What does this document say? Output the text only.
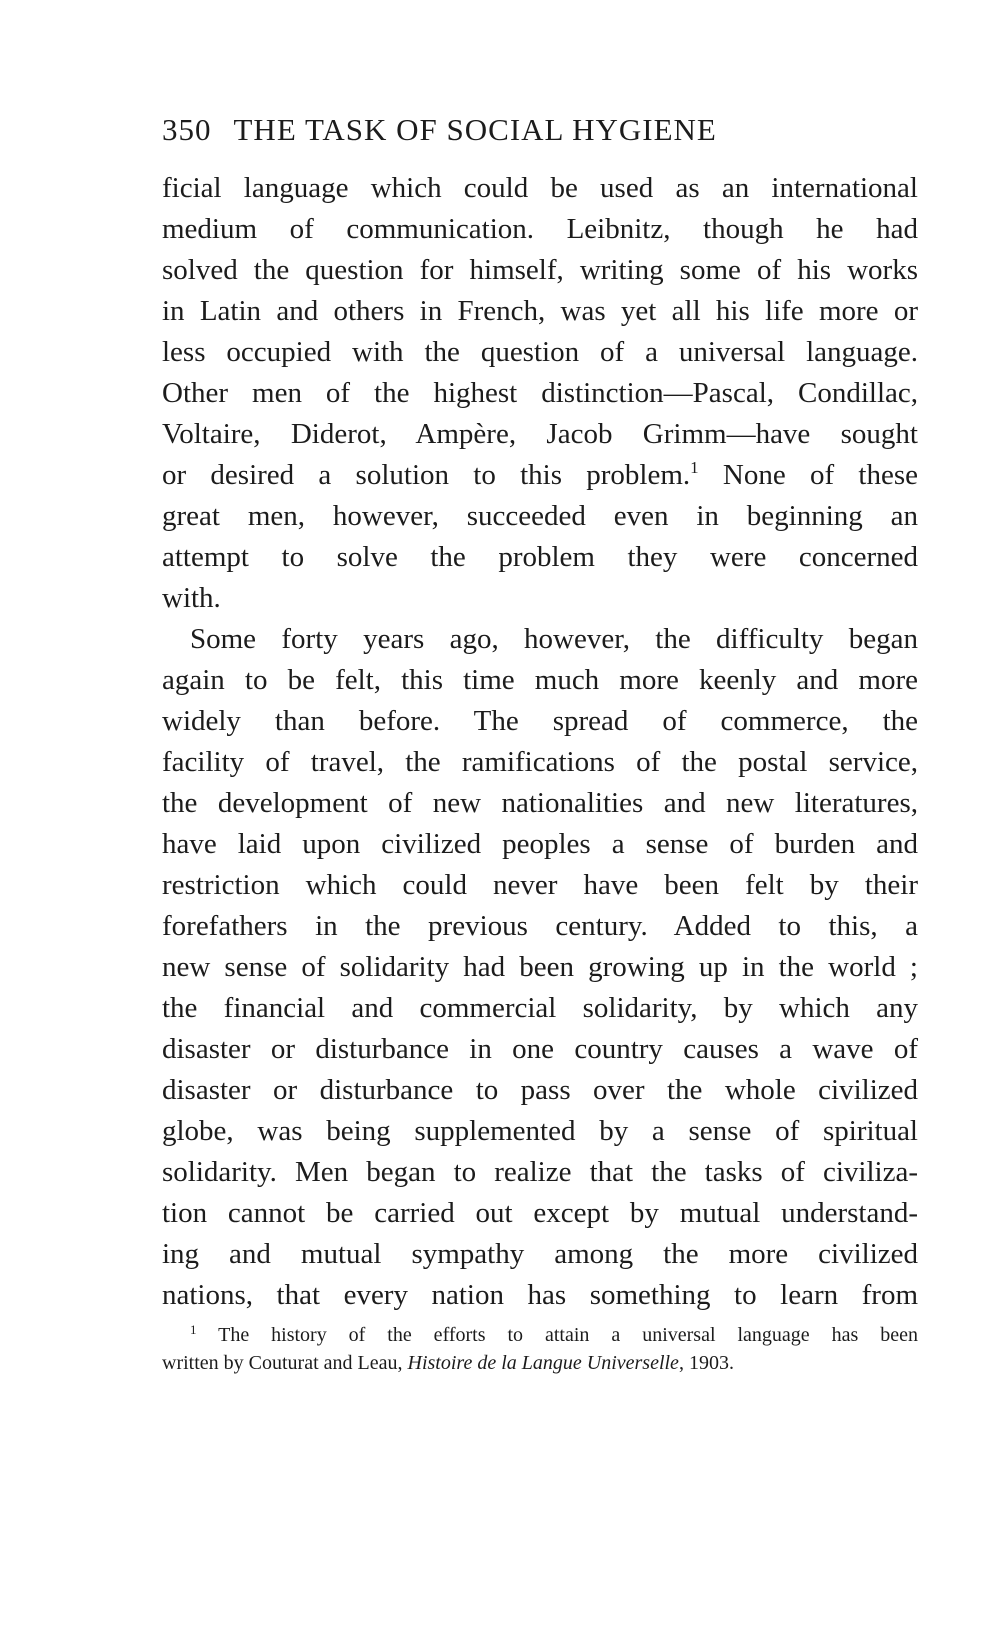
350 THE TASK OF SOCIAL HYGIENE
ficial language which could be used as an international
medium of communication. Leibnitz, though he had
solved the question for himself, writing some of his works
in Latin and others in French, was yet all his life more or
less occupied with the question of a universal language.
Other men of the highest distinction—Pascal, Condillac,
Voltaire, Diderot, Ampère, Jacob Grimm—have sought
or desired a solution to this problem.$^1$ None of these
great men, however, succeeded even in beginning an
attempt to solve the problem they were concerned
with.
Some forty years ago, however, the difficulty began
again to be felt, this time much more keenly and more
widely than before. The spread of commerce, the
facility of travel, the ramifications of the postal service,
the development of new nationalities and new literatures,
have laid upon civilized peoples a sense of burden and
restriction which could never have been felt by their
forefathers in the previous century. Added to this, a
new sense of solidarity had been growing up in the world ;
the financial and commercial solidarity, by which any
disaster or disturbance in one country causes a wave of
disaster or disturbance to pass over the whole civilized
globe, was being supplemented by a sense of spiritual
solidarity. Men began to realize that the tasks of civiliza-
tion cannot be carried out except by mutual understand-
ing and mutual sympathy among the more civilized
nations, that every nation has something to learn from
$^1$ The history of the efforts to attain a universal language has been
written by Couturat and Leau, Histoire de la Langue Universelle, 1903.
